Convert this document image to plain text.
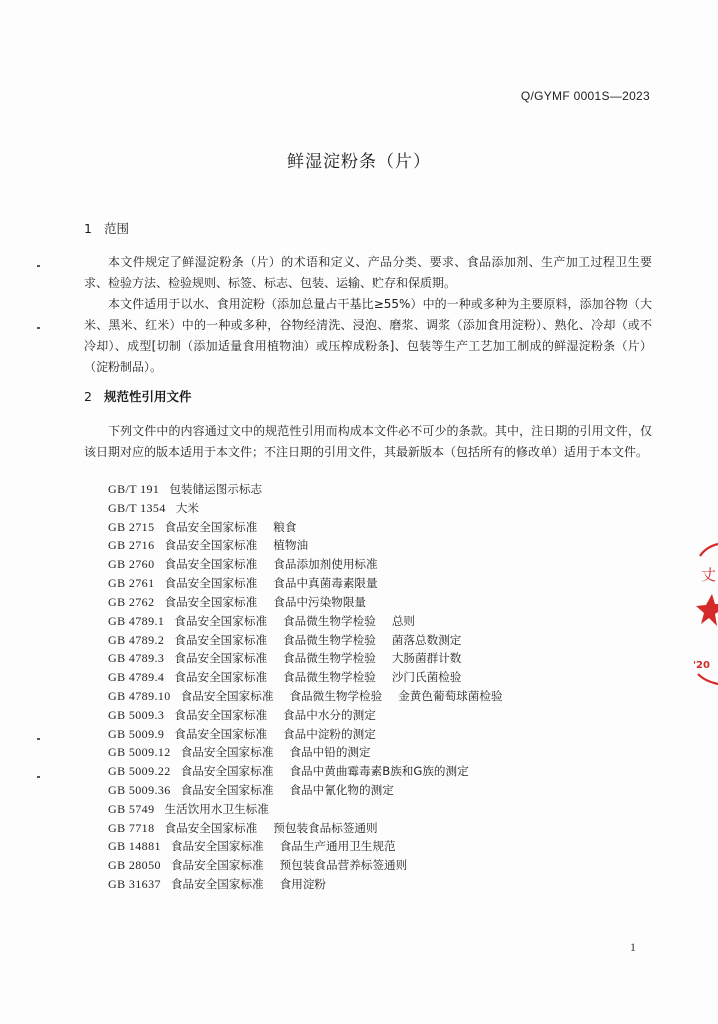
Q/GYMF 0001S—2023
鲜湿淀粉条（片）
1 范围

本文件规定了鲜湿淀粉条（片）的术语和定义、产品分类、要求、食品添加剂、生产加工过程卫生要求、检验方法、检验规则、标签、标志、包装、运输、贮存和保质期。

本文件适用于以水、食用淀粉（添加总量占干基比≥55%）中的一种或多种为主要原料，添加谷物（大米、黑米、红米）中的一种或多种，谷物经清洗、浸泡、磨浆、调浆（添加食用淀粉）、熟化、冷却（或不冷却）、成型[切制（添加适量食用植物油）或压榨成粉条]、包装等生产工艺加工制成的鲜湿淀粉条（片）（淀粉制品）。

2 规范性引用文件

下列文件中的内容通过文中的规范性引用而构成本文件必不可少的条款。其中，注日期的引用文件，仅该日期对应的版本适用于本文件；不注日期的引用文件，其最新版本（包括所有的修改单）适用于本文件。

GB/T 191 包装储运图示标志
GB/T 1354 大米
GB 2715 食品安全国家标准 粮食
GB 2716 食品安全国家标准 植物油
GB 2760 食品安全国家标准 食品添加剂使用标准
GB 2761 食品安全国家标准 食品中真菌毒素限量
GB 2762 食品安全国家标准 食品中污染物限量
GB 4789.1 食品安全国家标准 食品微生物学检验 总则
GB 4789.2 食品安全国家标准 食品微生物学检验 菌落总数测定
GB 4789.3 食品安全国家标准 食品微生物学检验 大肠菌群计数
GB 4789.4 食品安全国家标准 食品微生物学检验 沙门氏菌检验
GB 4789.10 食品安全国家标准 食品微生物学检验 金黄色葡萄球菌检验
GB 5009.3 食品安全国家标准 食品中水分的测定
GB 5009.9 食品安全国家标准 食品中淀粉的测定
GB 5009.12 食品安全国家标准 食品中铅的测定
GB 5009.22 食品安全国家标准 食品中黄曲霉毒素B族和G族的测定
GB 5009.36 食品安全国家标准 食品中氰化物的测定
GB 5749 生活饮用水卫生标准
GB 7718 食品安全国家标准 预包装食品标签通则
GB 14881 食品安全国家标准 食品生产通用卫生规范
GB 28050 食品安全国家标准 预包装食品营养标签通则
GB 31637 食品安全国家标准 食用淀粉
1
丈
'20
